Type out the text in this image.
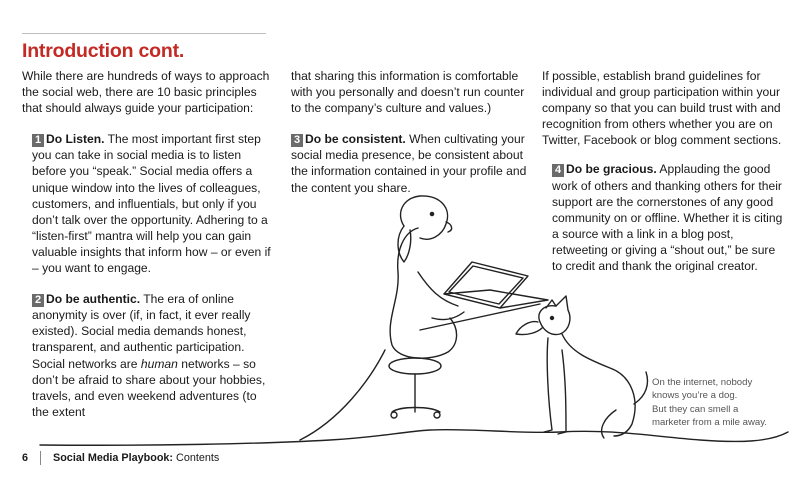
Introduction cont.

While there are hundreds of ways to approach the social web, there are 10 basic principles that should always guide your participation:

1 Do Listen. The most important first step you can take in social media is to listen before you “speak.” Social media offers a unique window into the lives of colleagues, customers, and influentials, but only if you don’t talk over the opportunity. Adhering to a “listen-first” mantra will help you can gain valuable insights that inform how – or even if – you want to engage.
2 Do be authentic. The era of online anonymity is over (if, in fact, it ever really existed). Social media demands honest, transparent, and authentic participation. Social networks are human networks – so don’t be afraid to share about your hobbies, travels, and even weekend adventures (to the extent

that sharing this information is comfortable with you personally and doesn’t run counter to the company’s culture and values.)

3 Do be consistent. When cultivating your social media presence, be consistent about the information contained in your profile and the content you share.

If possible, establish brand guidelines for individual and group participation within your company so that you can build trust with and recognition from others whether you are on Twitter, Facebook or blog comment sections.

4 Do be gracious. Applauding the good work of others and thanking others for their support are the cornerstones of any good community on or offline. Whether it is citing a source with a link in a blog post, retweeting or giving a “shout out,” be sure to credit and thank the original creator.
On the internet, nobody
knows you’re a dog.
But they can smell a
marketer from a mile away.
6 Social Media Playbook:
Contents
